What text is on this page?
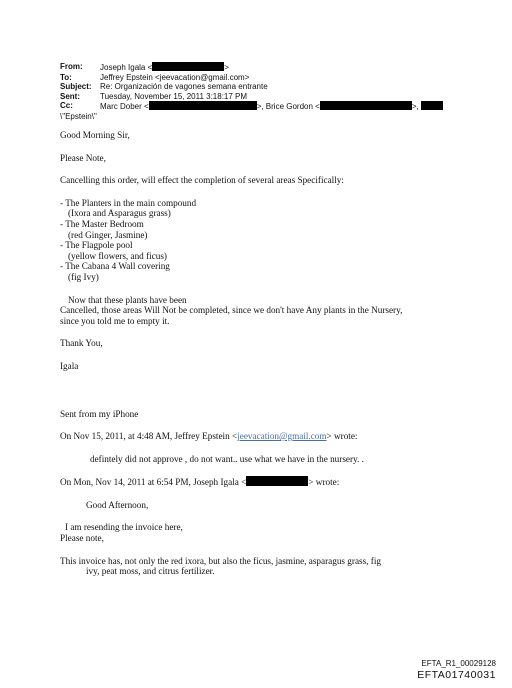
From:	Joseph Igala <	>
To:	Jeffrey Epstein <jeevacation@gmail.com>
Subject:	Re: Organización de vagones semana entrante
Sent:	Tuesday, November 15, 2011 3:18:17 PM
Cc:	Marc Dober <	>, Brice Gordon <	>,
\"Epstein\"

Good Morning Sir,

Please Note,

Cancelling this order, will effect the completion of several areas Specifically:

- The Planters in the main compound

(Ixora and Asparagus grass)

- The Master Bedroom

(red Ginger, Jasmine)

- The Flagpole pool

(yellow flowers, and ficus)

- The Cabana 4 Wall covering

(fig Ivy)

Now that these plants have been

Cancelled, those areas Will Not be completed, since we don't have Any plants in the Nursery,

since you told me to empty it.

Thank You,

Igala

Sent from my iPhone

On Nov 15, 2011, at 4:48 AM, Jeffrey Epstein <jeevacation@gmail.com> wrote:

defintely did not approve , do not want.. use what we have in the nursery. .

On Mon, Nov 14, 2011 at 6:54 PM, Joseph Igala <	> wrote:

Good Afternoon,

I am resending the invoice here,

Please note,

This invoice has, not only the red ixora, but also the ficus, jasmine, asparagus grass, fig

ivy, peat moss, and citrus fertilizer.

EFTA_R1_00029128
EFTA01740031
